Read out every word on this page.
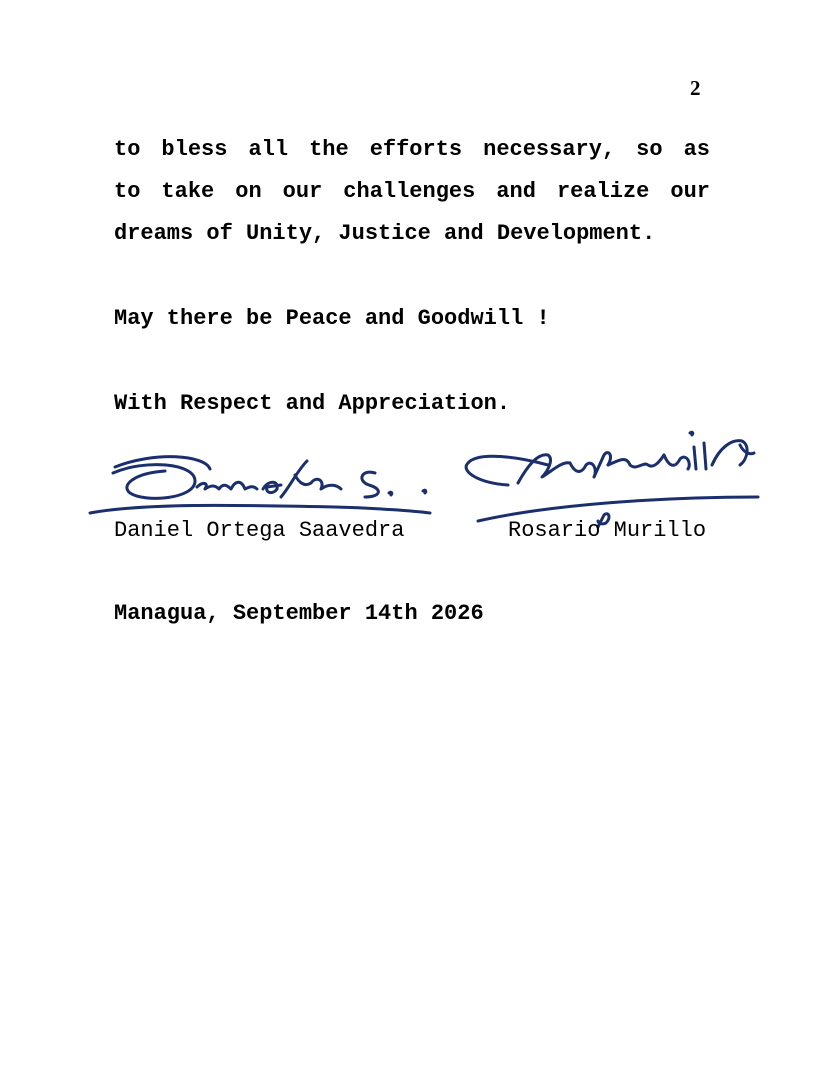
2
to bless all the efforts necessary, so as
to take on our challenges and realize our
dreams of Unity, Justice and Development.
May there be Peace and Goodwill !
With Respect and Appreciation.
Daniel Ortega Saavedra	Rosario Murillo
Managua, September 14th 2026
